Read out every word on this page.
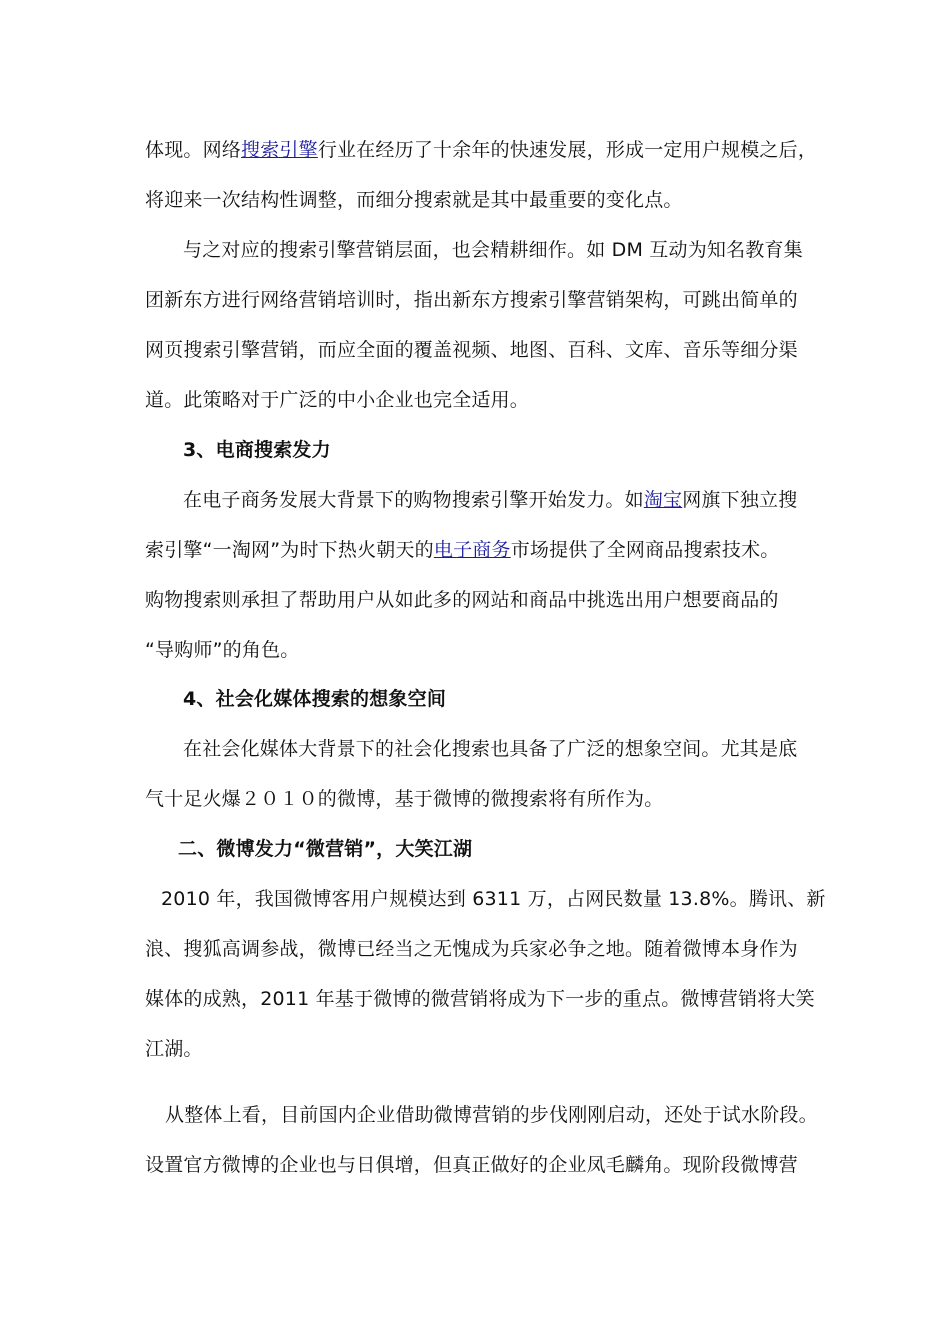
体现。网络搜索引擎行业在经历了十余年的快速发展，形成一定用户规模之后，
将迎来一次结构性调整，而细分搜索就是其中最重要的变化点。
与之对应的搜索引擎营销层面，也会精耕细作。如 DM 互动为知名教育集
团新东方进行网络营销培训时，指出新东方搜索引擎营销架构，可跳出简单的
网页搜索引擎营销，而应全面的覆盖视频、地图、百科、文库、音乐等细分渠
道。此策略对于广泛的中小企业也完全适用。
3、电商搜索发力
在电子商务发展大背景下的购物搜索引擎开始发力。如淘宝网旗下独立搜
索引擎“一淘网”为时下热火朝天的电子商务市场提供了全网商品搜索技术。
购物搜索则承担了帮助用户从如此多的网站和商品中挑选出用户想要商品的
“导购师”的角色。
4、社会化媒体搜索的想象空间
在社会化媒体大背景下的社会化搜索也具备了广泛的想象空间。尤其是底
气十足火爆２０１０的微博，基于微博的微搜索将有所作为。
二、微博发力“微营销”，大笑江湖
2010 年，我国微博客用户规模达到 6311 万，占网民数量 13.8%。腾讯、新
浪、搜狐高调参战，微博已经当之无愧成为兵家必争之地。随着微博本身作为
媒体的成熟，2011 年基于微博的微营销将成为下一步的重点。微博营销将大笑
江湖。
从整体上看，目前国内企业借助微博营销的步伐刚刚启动，还处于试水阶段。
设置官方微博的企业也与日俱增，但真正做好的企业凤毛麟角。现阶段微博营
